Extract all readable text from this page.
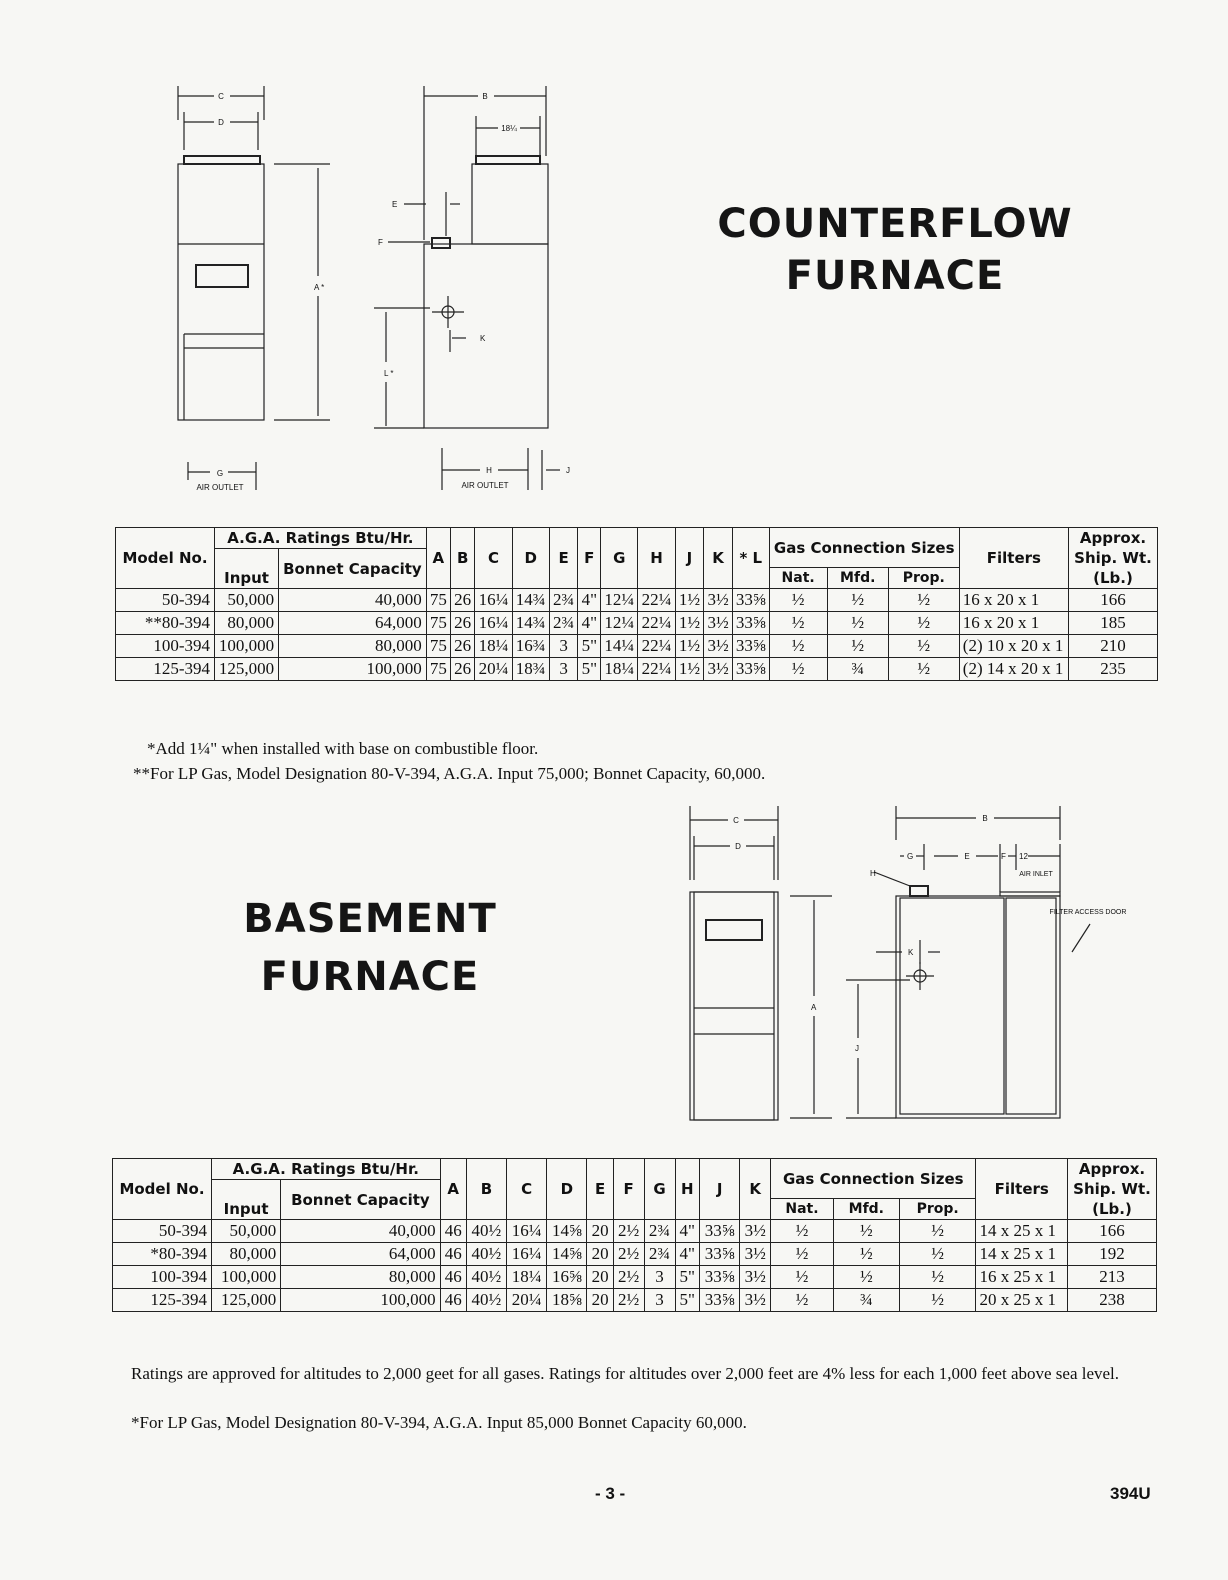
C
D
A *
G
AIR OUTLET
B
18¼
E
F
K
L *
H
AIR OUTLET
J
COUNTERFLOW
FURNACE
Model No.	A.G.A. Ratings Btu/Hr.		A	B	C	D	E	F	G	H	J	K	* L	Gas Connection Sizes			Filters	Approx. Ship. Wt. (Lb.)
	Input	Bonnet Capacity																
														Nat.	Mfd.	Prop.		
50-394	50,000	40,000	75	26	16¼	14¾	2¾	4"	12¼	22¼	1½	3½	33⅝	½	½	½	16 x 20 x 1	166
**80-394	80,000	64,000	75	26	16¼	14¾	2¾	4"	12¼	22¼	1½	3½	33⅝	½	½	½	16 x 20 x 1	185
100-394	100,000	80,000	75	26	18¼	16¾	3	5"	14¼	22¼	1½	3½	33⅝	½	½	½	(2) 10 x 20 x 1	210
125-394	125,000	100,000	75	26	20¼	18¾	3	5"	18¼	22¼	1½	3½	33⅝	½	¾	½	(2) 14 x 20 x 1	235
*Add 1¼" when installed with base on combustible floor.
**For LP Gas, Model Designation 80-V-394, A.G.A. Input 75,000; Bonnet Capacity, 60,000.
BASEMENT
FURNACE
C
D
A
B
G	E	F 12
AIR INLET
H
FILTER ACCESS DOOR
K
J
Model No.	A.G.A. Ratings Btu/Hr.		A	B	C	D	E	F	G	H	J	K	Gas Connection Sizes			Filters	Approx. Ship. Wt. (Lb.)
	Input	Bonnet Capacity															
													Nat.	Mfd.	Prop.		
50-394	50,000	40,000	46	40½	16¼	14⅝	20	2½	2¾	4"	33⅝	3½	½	½	½	14 x 25 x 1	166
*80-394	80,000	64,000	46	40½	16¼	14⅝	20	2½	2¾	4"	33⅝	3½	½	½	½	14 x 25 x 1	192
100-394	100,000	80,000	46	40½	18¼	16⅝	20	2½	3	5"	33⅝	3½	½	½	½	16 x 25 x 1	213
125-394	125,000	100,000	46	40½	20¼	18⅝	20	2½	3	5"	33⅝	3½	½	¾	½	20 x 25 x 1	238
Ratings are approved for altitudes to 2,000 geet for all gases. Ratings for altitudes over 2,000 feet are 4% less for each 1,000 feet above sea level.
*For LP Gas, Model Designation 80-V-394, A.G.A. Input 85,000 Bonnet Capacity 60,000.
- 3 -	394U
